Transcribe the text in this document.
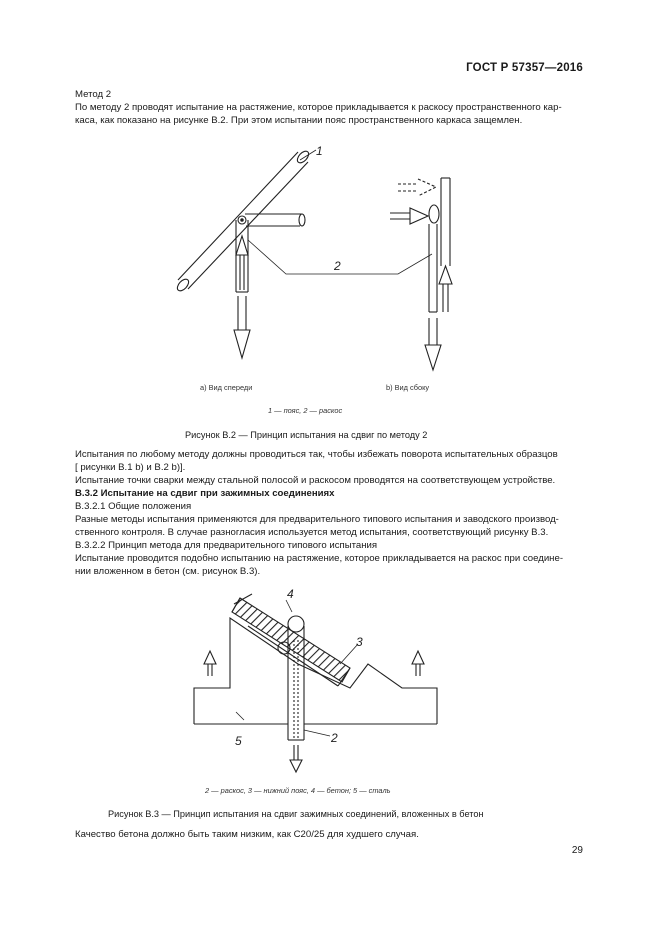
ГОСТ Р 57357—2016
Метод 2
По методу 2 проводят испытание на растяжение, которое прикладывается к раскосу пространственного кар-
каса, как показано на рисунке B.2. При этом испытании пояс пространственного каркаса защемлен.
1
2
а) Вид спереди	b) Вид сбоку
1 — пояс, 2 — раскос
Рисунок B.2 — Принцип испытания на сдвиг по методу 2
Испытания по любому методу должны проводиться так, чтобы избежать поворота испытательных образцов
[ рисунки B.1 b) и B.2 b)].
Испытание точки сварки между стальной полосой и раскосом проводятся на соответствующем устройстве.
B.3.2 Испытание на сдвиг при зажимных соединениях
B.3.2.1 Общие положения
Разные методы испытания применяются для предварительного типового испытания и заводского производ-
ственного контроля. В случае разногласия используется метод испытания, соответствующий рисунку B.3.
B.3.2.2 Принцип метода для предварительного типового испытания
Испытание проводится подобно испытанию на растяжение, которое прикладывается на раскос при соедине-
нии вложенном в бетон (см. рисунок B.3).
4
3
2
5
2 — раскос, 3 — нижний пояс, 4 — бетон; 5 — сталь
Рисунок B.3 — Принцип испытания на сдвиг зажимных соединений, вложенных в бетон
Качество бетона должно быть таким низким, как C20/25 для худшего случая.
29
